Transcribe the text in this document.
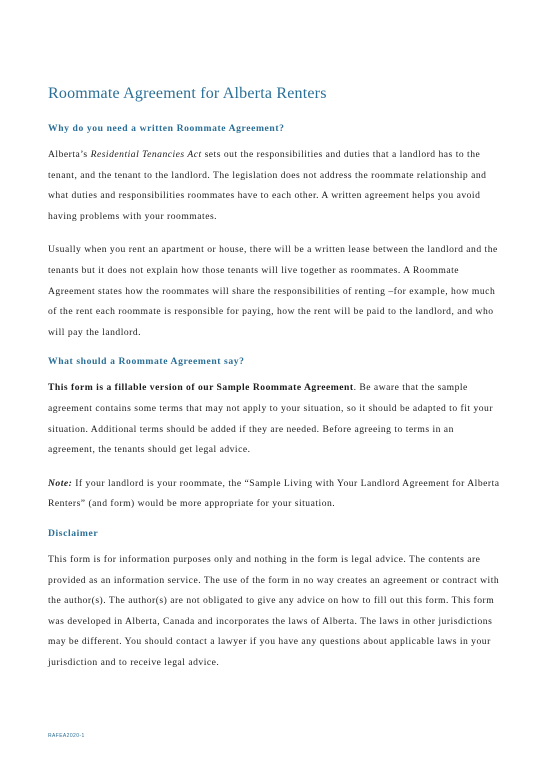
Roommate Agreement for Alberta Renters
Why do you need a written Roommate Agreement?

Alberta’s Residential Tenancies Act sets out the responsibilities and duties that a landlord has to the tenant, and the tenant to the landlord. The legislation does not address the roommate relationship and what duties and responsibilities roommates have to each other. A written agreement helps you avoid having problems with your roommates.

Usually when you rent an apartment or house, there will be a written lease between the landlord and the tenants but it does not explain how those tenants will live together as roommates. A Roommate Agreement states how the roommates will share the responsibilities of renting –for example, how much of the rent each roommate is responsible for paying, how the rent will be paid to the landlord, and who will pay the landlord.

What should a Roommate Agreement say?

This form is a fillable version of our Sample Roommate Agreement. Be aware that the sample agreement contains some terms that may not apply to your situation, so it should be adapted to fit your situation. Additional terms should be added if they are needed. Before agreeing to terms in an agreement, the tenants should get legal advice.

Note: If your landlord is your roommate, the “Sample Living with Your Landlord Agreement for Alberta Renters” (and form) would be more appropriate for your situation.

Disclaimer

This form is for information purposes only and nothing in the form is legal advice. The contents are provided as an information service. The use of the form in no way creates an agreement or contract with the author(s). The author(s) are not obligated to give any advice on how to fill out this form. This form was developed in Alberta, Canada and incorporates the laws of Alberta. The laws in other jurisdictions may be different. You should contact a lawyer if you have any questions about applicable laws in your jurisdiction and to receive legal advice.

RAFEA2020-1
